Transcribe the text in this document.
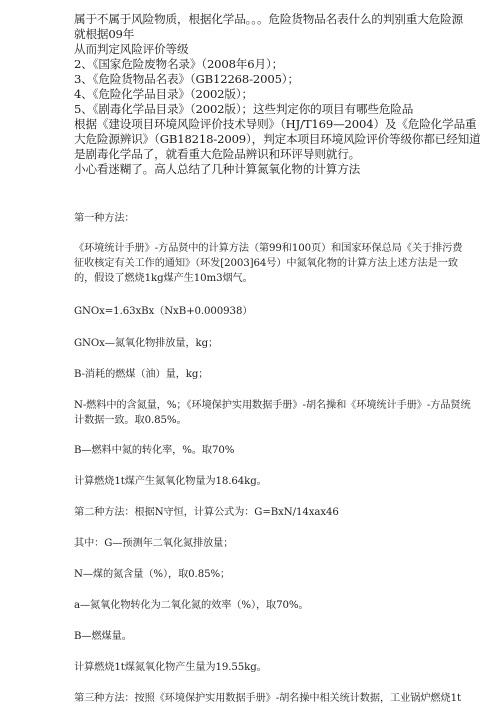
属于不属于风险物质，根据化学品。。。危险货物品名表什么的判别重大危险源
就根据09年
从而判定风险评价等级
2、《国家危险废物名录》（2008年6月）；
3、《危险货物品名表》（GB12268-2005）；
4、《危险化学品目录》（2002版）；
5、《剧毒化学品目录》（2002版）；这些判定你的项目有哪些危险品
根据《建设项目环境风险评价技术导则》（HJ/T169—2004）及《危险化学品重
大危险源辨识》（GB18218-2009），判定本项目环境风险评价等级你都已经知道
是剧毒化学品了，就看重大危险品辨识和环评导则就行。
小心看迷糊了。高人总结了几种计算氮氧化物的计算方法
第一种方法：
《环境统计手册》-方品贤中的计算方法（第99和100页）和国家环保总局《关于排污费
征收核定有关工作的通知》（环发[2003]64号）中氮氧化物的计算方法上述方法是一致
的，假设了燃烧1kg煤产生10m3烟气。
GNOx=1.63xBx（NxB+0.000938）
GNOx—氮氧化物排放量，kg；
B-消耗的燃煤（油）量，kg；
N-燃料中的含氮量，%；《环境保护实用数据手册》-胡名操和《环境统计手册》-方品贤统
计数据一致。取0.85%。
B—燃料中氮的转化率，%。取70%
计算燃烧1t煤产生氮氧化物量为18.64kg。
第二种方法：根据N守恒，计算公式为：G=BxN/14xax46
其中：G—预测年二氧化氮排放量；
N—煤的氮含量（%），取0.85%；
a—氮氧化物转化为二氧化氮的效率（%），取70%。
B—燃煤量。
计算燃烧1t煤氮氧化物产生量为19.55kg。
第三种方法：按照《环境保护实用数据手册》-胡名操中相关统计数据，工业锅炉燃烧1t
